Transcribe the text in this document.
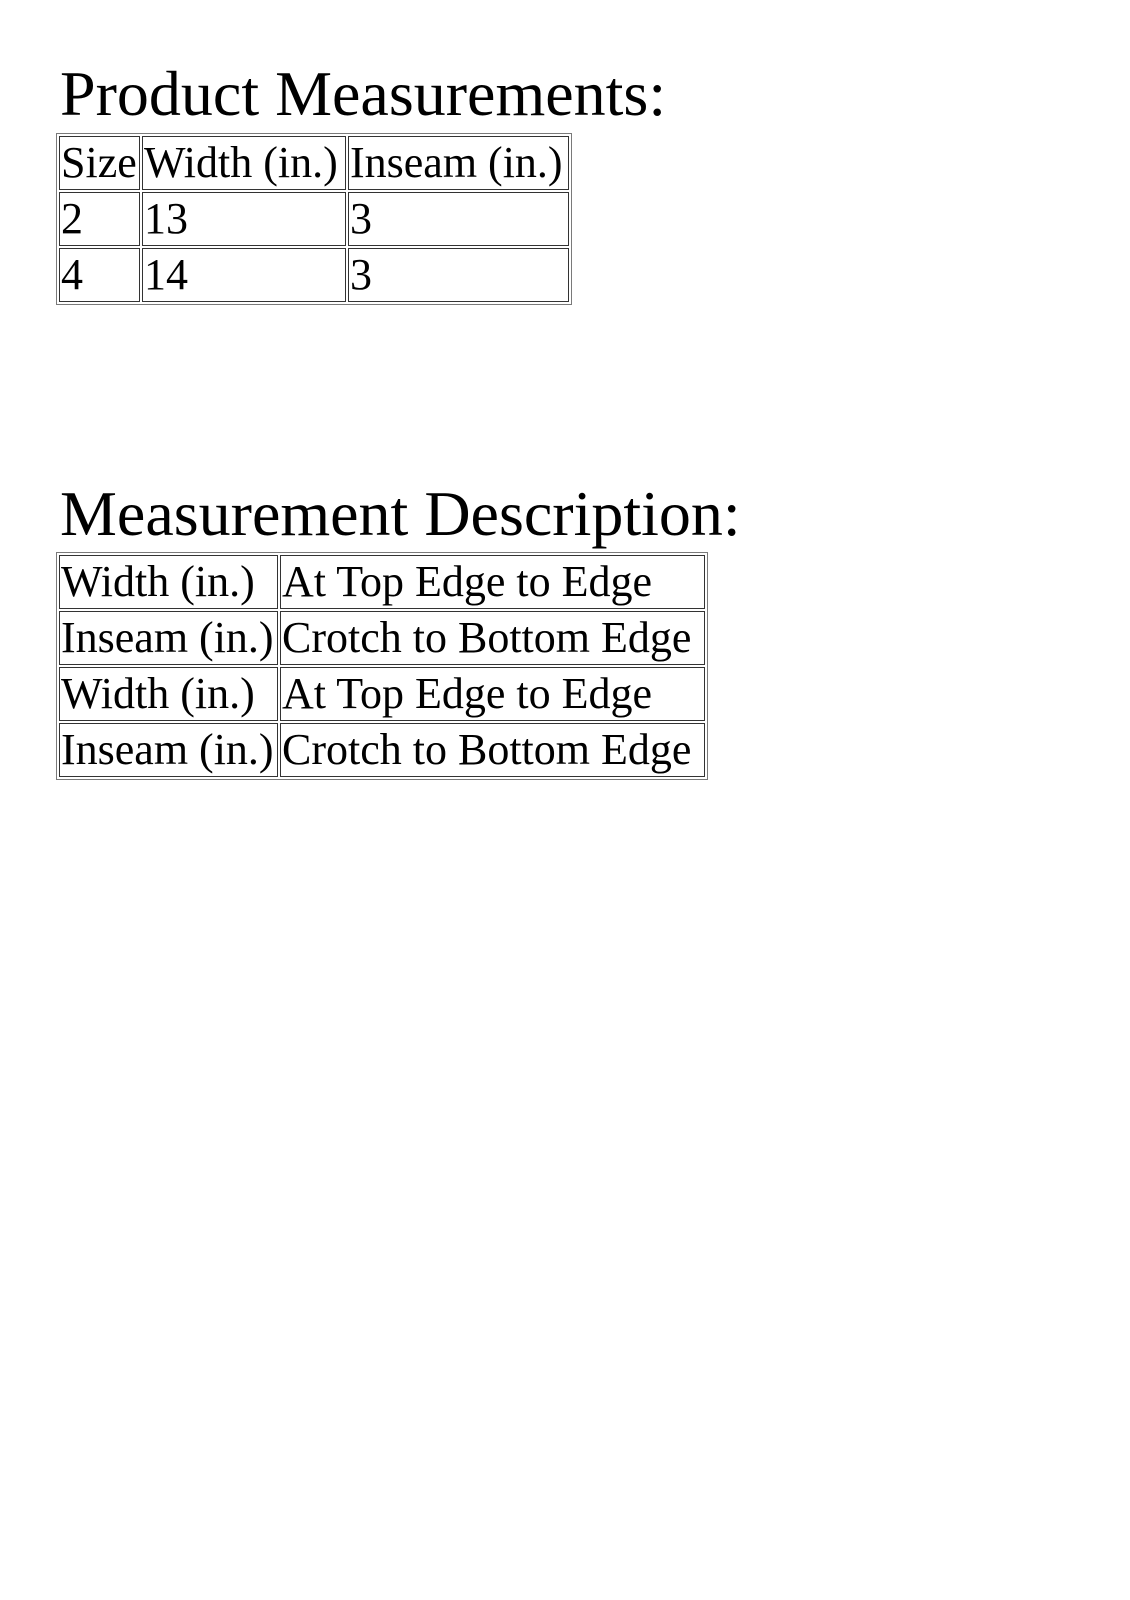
Product Measurements:
Size	Width (in.)	Inseam (in.)
2	13	3
4	14	3
Measurement Description:
Width (in.)	At Top Edge to Edge
Inseam (in.)	Crotch to Bottom Edge
Width (in.)	At Top Edge to Edge
Inseam (in.)	Crotch to Bottom Edge
